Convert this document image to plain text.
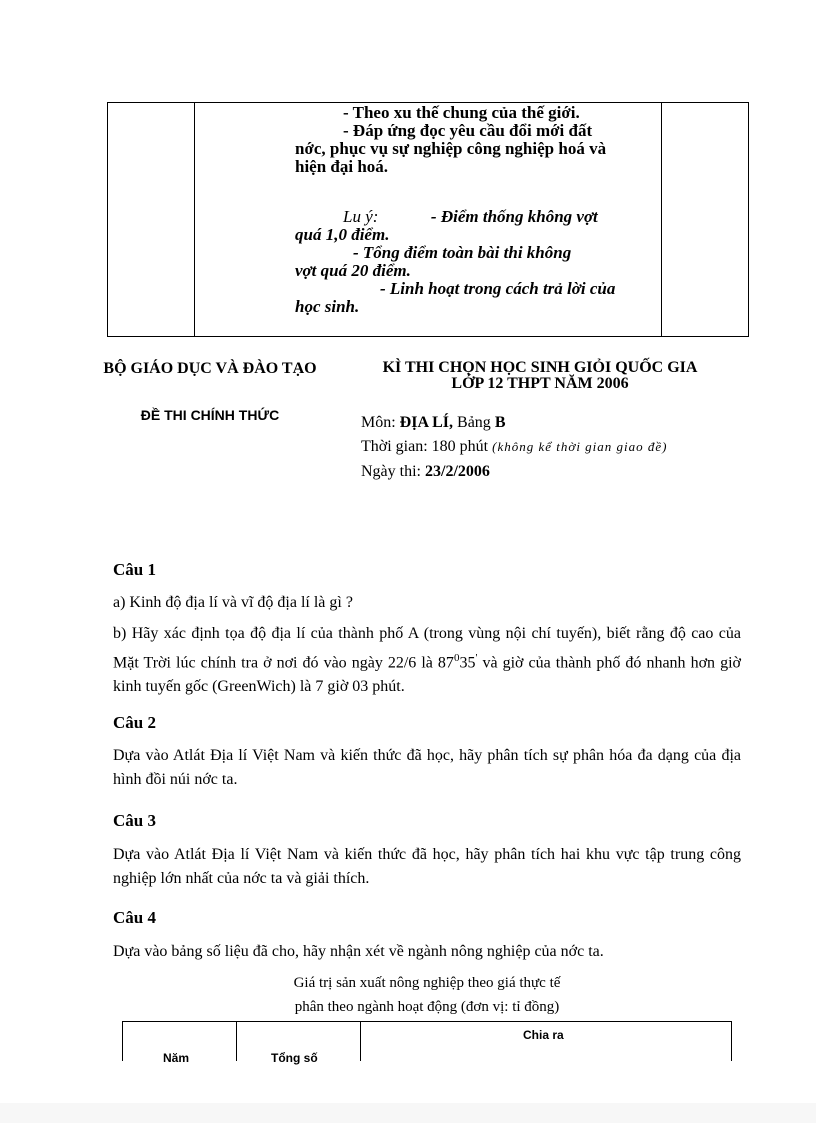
- Theo xu thế chung của thế giới.
- Đáp ứng đọc yêu cầu đổi mới đất
nớc, phục vụ sự nghiệp công nghiệp hoá và
hiện đại hoá.

Lu ý:	- Điểm thống không vợt

quá 1,0 điểm.

- Tổng điểm toàn bài thi không

vợt quá 20 điểm.

- Linh hoạt trong cách trả lời của

học sinh.

BỘ GIÁO DỤC VÀ ĐÀO TẠO
ĐỀ THI CHÍNH THỨC
KÌ THI CHỌN HỌC SINH GIỎI QUỐC GIA
LỚP 12 THPT NĂM 2006
Môn: ĐỊA LÍ, Bảng B
Thời gian: 180 phút (không kể thời gian giao đề)
Ngày thi: 23/2/2006
Câu 1
a) Kinh độ địa lí và vĩ độ địa lí là gì ?
b) Hãy xác định tọa độ địa lí của thành phố A (trong vùng nội chí tuyến), biết rằng độ cao của Mặt Trời lúc chính tra ở nơi đó vào ngày 22/6 là $87^035'$ và giờ của thành phố đó nhanh hơn giờ kinh tuyến gốc (GreenWich) là 7 giờ 03 phút.
Câu 2
Dựa vào Atlát Địa lí Việt Nam và kiến thức đã học, hãy phân tích sự phân hóa đa dạng của địa hình đồi núi nớc ta.
Câu 3
Dựa vào Atlát Địa lí Việt Nam và kiến thức đã học, hãy phân tích hai khu vực tập trung công nghiệp lớn nhất của nớc ta và giải thích.
Câu 4
Dựa vào bảng số liệu đã cho, hãy nhận xét về ngành nông nghiệp của nớc ta.
Giá trị sản xuất nông nghiệp theo giá thực tế
phân theo ngành hoạt động (đơn vị: tỉ đồng)
Chia ra
Năm	Tổng số
